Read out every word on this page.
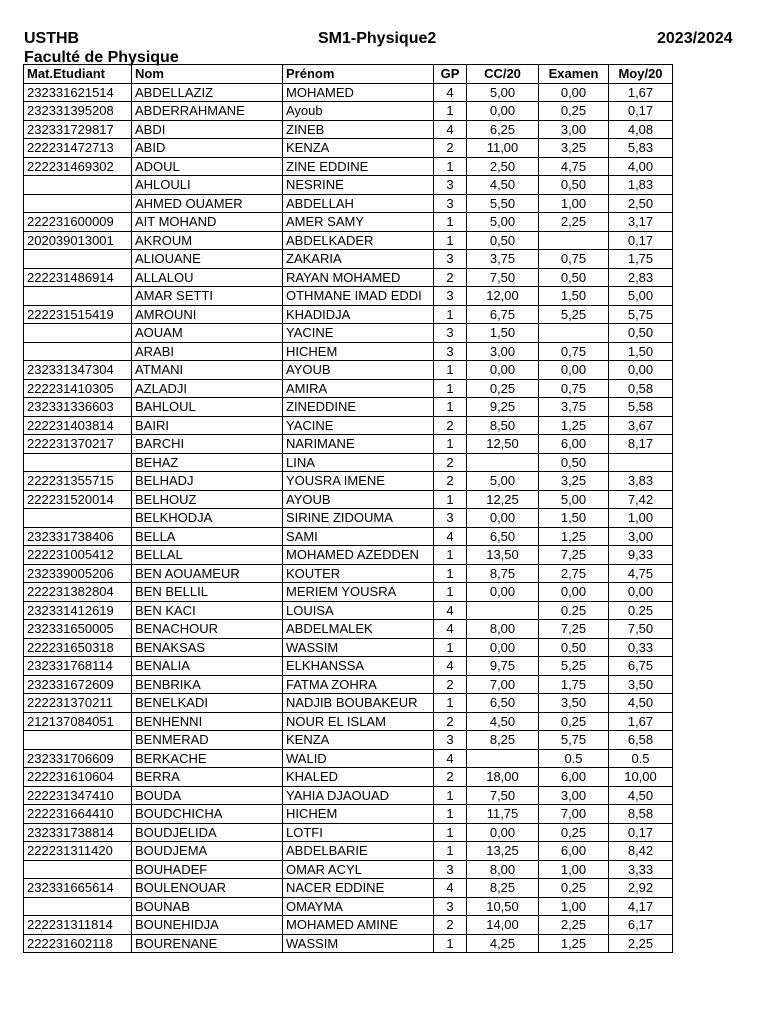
USTHB	SM1-Physique2	2023/2024
Faculté de Physique
Mat.Etudiant	Nom	Prénom	GP	CC/20	Examen	Moy/20
232331621514	ABDELLAZIZ	MOHAMED	4	5,00	0,00	1,67
232331395208	ABDERRAHMANE	Ayoub	1	0,00	0,25	0,17
232331729817	ABDI	ZINEB	4	6,25	3,00	4,08
222231472713	ABID	KENZA	2	11,00	3,25	5,83
222231469302	ADOUL	ZINE EDDINE	1	2,50	4,75	4,00
	AHLOULI	NESRINE	3	4,50	0,50	1,83
	AHMED OUAMER	ABDELLAH	3	5,50	1,00	2,50
222231600009	AIT MOHAND	AMER SAMY	1	5,00	2,25	3,17
202039013001	AKROUM	ABDELKADER	1	0,50		0,17
	ALIOUANE	ZAKARIA	3	3,75	0,75	1,75
222231486914	ALLALOU	RAYAN MOHAMED	2	7,50	0,50	2,83
	AMAR SETTI	OTHMANE IMAD EDDI	3	12,00	1,50	5,00
222231515419	AMROUNI	KHADIDJA	1	6,75	5,25	5,75
	AOUAM	YACINE	3	1,50		0,50
	ARABI	HICHEM	3	3,00	0,75	1,50
232331347304	ATMANI	AYOUB	1	0,00	0,00	0,00
222231410305	AZLADJI	AMIRA	1	0,25	0,75	0,58
232331336603	BAHLOUL	ZINEDDINE	1	9,25	3,75	5,58
222231403814	BAIRI	YACINE	2	8,50	1,25	3,67
222231370217	BARCHI	NARIMANE	1	12,50	6,00	8,17
	BEHAZ	LINA	2		0,50	
222231355715	BELHADJ	YOUSRA IMENE	2	5,00	3,25	3,83
222231520014	BELHOUZ	AYOUB	1	12,25	5,00	7,42
	BELKHODJA	SIRINE ZIDOUMA	3	0,00	1,50	1,00
232331738406	BELLA	SAMI	4	6,50	1,25	3,00
222231005412	BELLAL	MOHAMED AZEDDEN	1	13,50	7,25	9,33
232339005206	BEN AOUAMEUR	KOUTER	1	8,75	2,75	4,75
222231382804	BEN BELLIL	MERIEM YOUSRA	1	0,00	0,00	0,00
232331412619	BEN KACI	LOUISA	4		0.25	0.25
232331650005	BENACHOUR	ABDELMALEK	4	8,00	7,25	7,50
222231650318	BENAKSAS	WASSIM	1	0,00	0,50	0,33
232331768114	BENALIA	ELKHANSSA	4	9,75	5,25	6,75
232331672609	BENBRIKA	FATMA ZOHRA	2	7,00	1,75	3,50
222231370211	BENELKADI	NADJIB BOUBAKEUR	1	6,50	3,50	4,50
212137084051	BENHENNI	NOUR EL ISLAM	2	4,50	0,25	1,67
	BENMERAD	KENZA	3	8,25	5,75	6,58
232331706609	BERKACHE	WALID	4		0.5	0.5
222231610604	BERRA	KHALED	2	18,00	6,00	10,00
222231347410	BOUDA	YAHIA DJAOUAD	1	7,50	3,00	4,50
222231664410	BOUDCHICHA	HICHEM	1	11,75	7,00	8,58
232331738814	BOUDJELIDA	LOTFI	1	0,00	0,25	0,17
222231311420	BOUDJEMA	ABDELBARIE	1	13,25	6,00	8,42
	BOUHADEF	OMAR ACYL	3	8,00	1,00	3,33
232331665614	BOULENOUAR	NACER EDDINE	4	8,25	0,25	2,92
	BOUNAB	OMAYMA	3	10,50	1,00	4,17
222231311814	BOUNEHIDJA	MOHAMED AMINE	2	14,00	2,25	6,17
222231602118	BOURENANE	WASSIM	1	4,25	1,25	2,25
